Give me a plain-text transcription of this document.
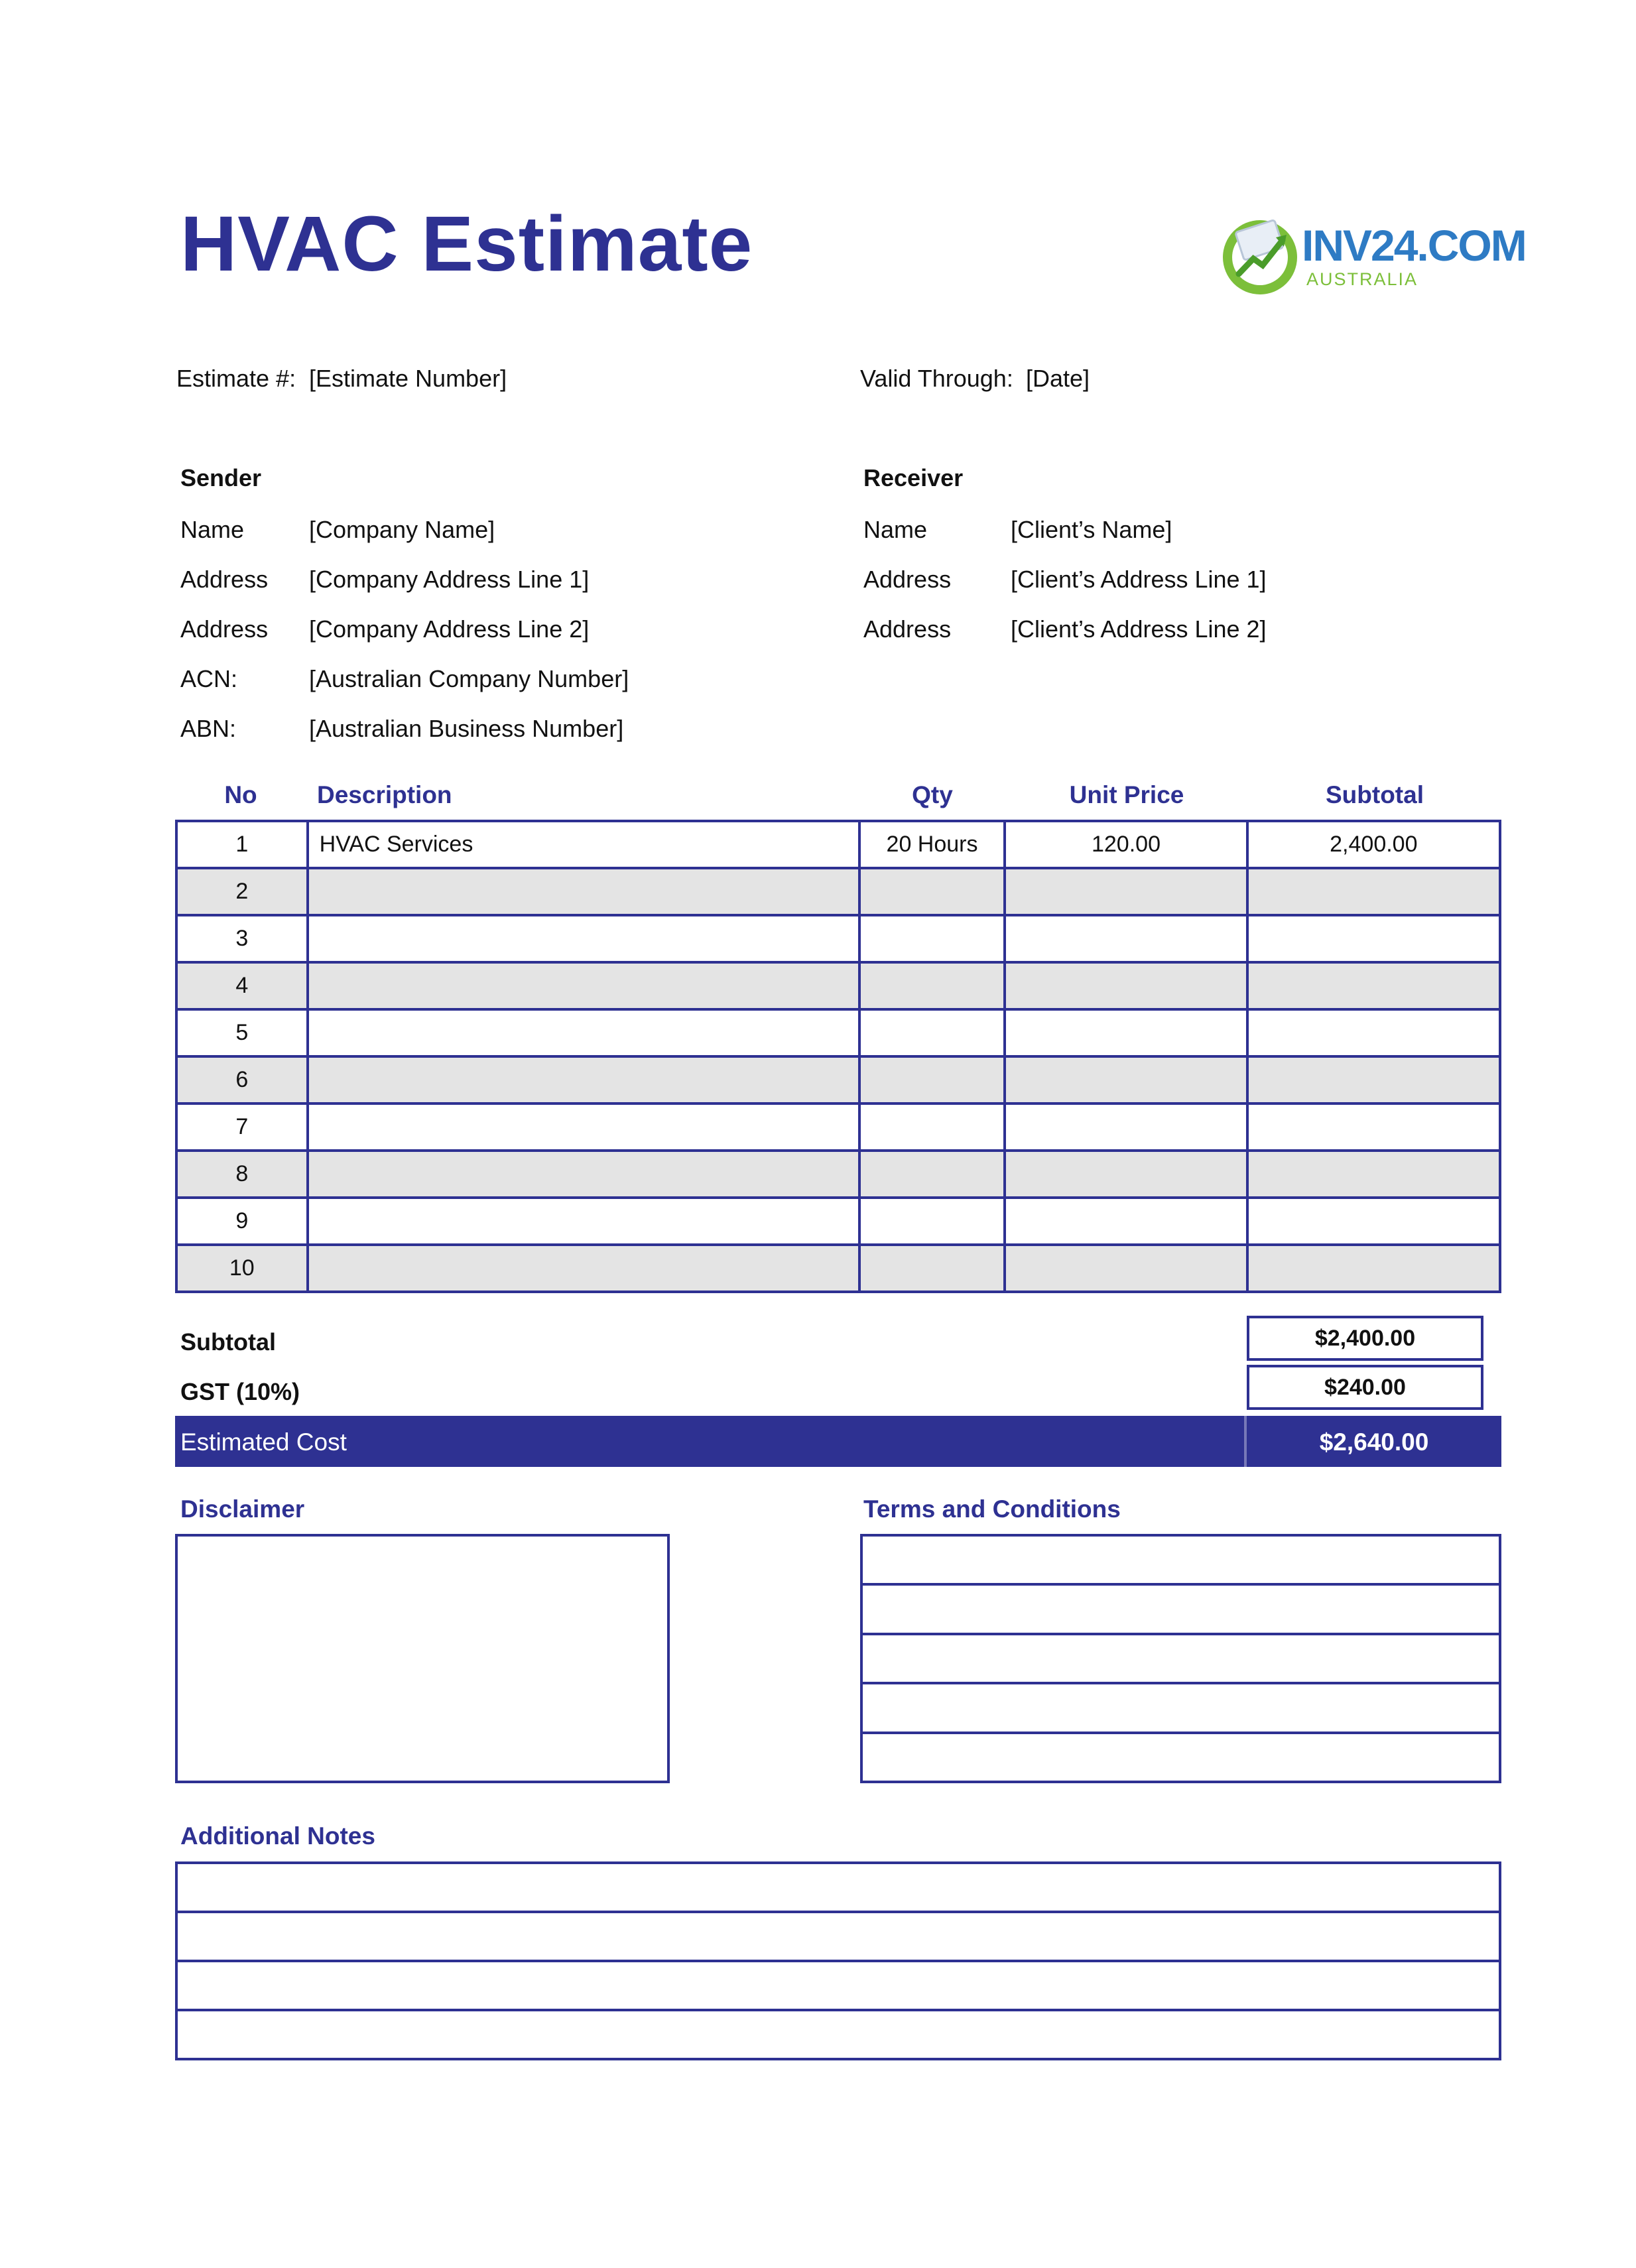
HVAC Estimate	INV24.COM
AUSTRALIA
Estimate #: [Estimate Number]	Valid Through: [Date]
Sender
Name	[Company Name]
Address [Company Address Line 1]
Address [Company Address Line 2]
ACN:	[Australian Company Number]
ABN:	[Australian Business Number]
Receiver
Name	[Client’s Name]
Address [Client’s Address Line 1]
Address [Client’s Address Line 2]
No	Description	Qty	Unit Price	Subtotal
1	HVAC Services	20 Hours	120.00	2,400.00
2				
3				
4				
5				
6				
7				
8				
9				
10				
Subtotal	$2,400.00
GST (10%)	$240.00
Estimated Cost	$2,640.00
Disclaimer	Terms and Conditions
Additional Notes
